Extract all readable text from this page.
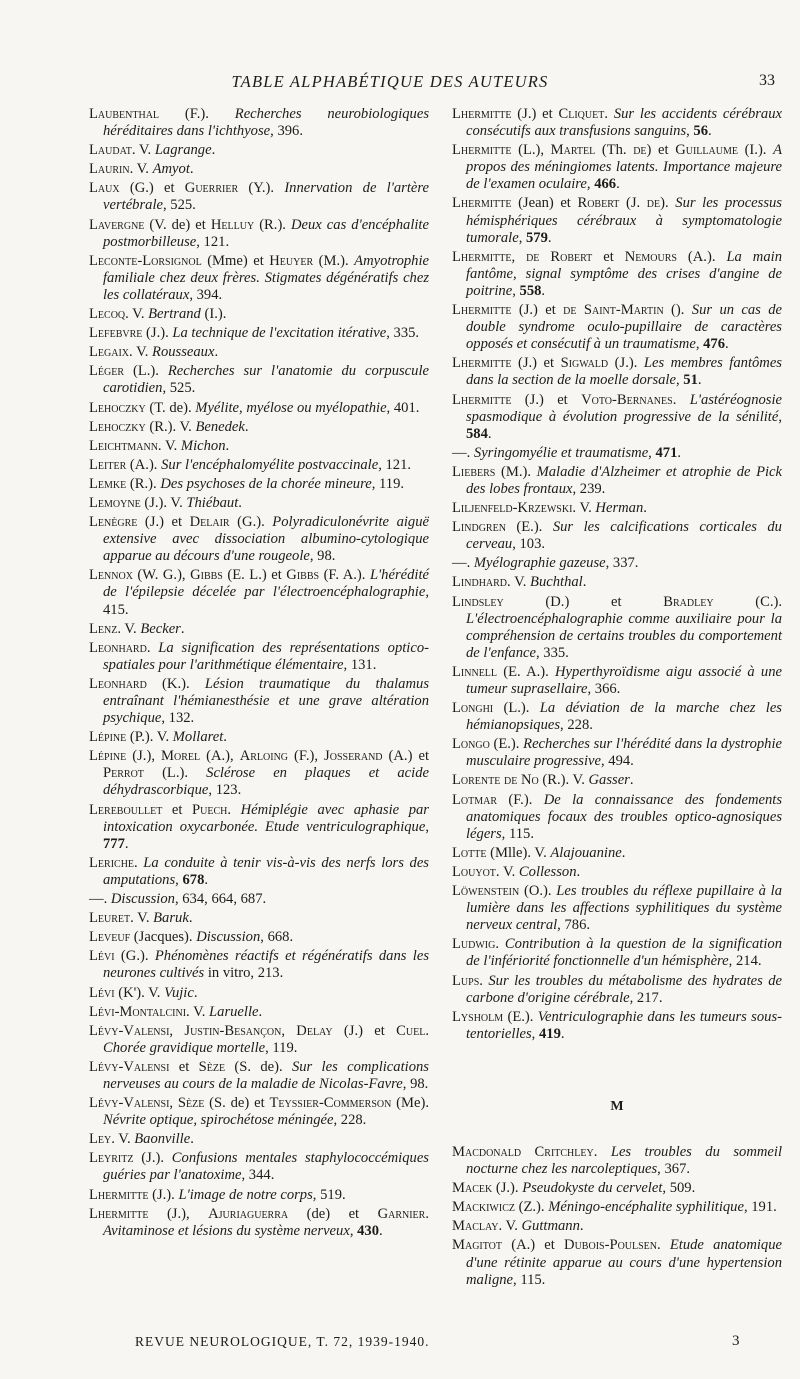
TABLE ALPHABÉTIQUE DES AUTEURS	33
Laubenthal (F.). Recherches neurobiologiques héréditaires dans l'ichthyose, 396.
Laudat. V. Lagrange.
Laurin. V. Amyot.
Laux (G.) et Guerrier (Y.). Innervation de l'artère vertébrale, 525.
Lavergne (V. de) et Helluy (R.). Deux cas d'encéphalite postmorbilleuse, 121.
Leconte-Lorsignol (Mme) et Heuyer (M.). Amyotrophie familiale chez deux frères. Stigmates dégénératifs chez les collatéraux, 394.
Lecoq. V. Bertrand (I.).
Lefebvre (J.). La technique de l'excitation itérative, 335.
Legaix. V. Rousseaux.
Léger (L.). Recherches sur l'anatomie du corpuscule carotidien, 525.
Lehoczky (T. de). Myélite, myélose ou myélopathie, 401.
Lehoczky (R.). V. Benedek.
Leichtmann. V. Michon.
Leiter (A.). Sur l'encéphalomyélite postvaccinale, 121.
Lemke (R.). Des psychoses de la chorée mineure, 119.
Lemoyne (J.). V. Thiébaut.
Lenègre (J.) et Delair (G.). Polyradiculonévrite aiguë extensive avec dissociation albumino-cytologique apparue au décours d'une rougeole, 98.
Lennox (W. G.), Gibbs (E. L.) et Gibbs (F. A.). L'hérédité de l'épilepsie décelée par l'électroencéphalographie, 415.
Lenz. V. Becker.
Leonhard. La signification des représentations optico-spatiales pour l'arithmétique élémentaire, 131.
Leonhard (K.). Lésion traumatique du thalamus entraînant l'hémianesthésie et une grave altération psychique, 132.
Lépine (P.). V. Mollaret.
Lépine (J.), Morel (A.), Arloing (F.), Josserand (A.) et Perrot (L.). Sclérose en plaques et acide déhydrascorbique, 123.
Lereboullet et Puech. Hémiplégie avec aphasie par intoxication oxycarbonée. Etude ventriculographique, 777.
Leriche. La conduite à tenir vis-à-vis des nerfs lors des amputations, 678.
—. Discussion, 634, 664, 687.
Leuret. V. Baruk.
Leveuf (Jacques). Discussion, 668.
Lévi (G.). Phénomènes réactifs et régénératifs dans les neurones cultivés in vitro, 213.
Lévi (K'). V. Vujic.
Lévi-Montalcini. V. Laruelle.
Lévy-Valensi, Justin-Besançon, Delay (J.) et Cuel. Chorée gravidique mortelle, 119.
Lévy-Valensi et Sèze (S. de). Sur les complications nerveuses au cours de la maladie de Nicolas-Favre, 98.
Lévy-Valensi, Sèze (S. de) et Teyssier-Commerson (Me). Névrite optique, spirochétose méningée, 228.
Ley. V. Baonville.
Leyritz (J.). Confusions mentales staphylococcémiques guéries par l'anatoxime, 344.
Lhermitte (J.). L'image de notre corps, 519.
Lhermitte (J.), Ajuriaguerra (de) et Garnier. Avitaminose et lésions du système nerveux, 430.
Lhermitte (J.) et Cliquet. Sur les accidents cérébraux consécutifs aux transfusions sanguins, 56.
Lhermitte (L.), Martel (Th. de) et Guillaume (I.). A propos des méningiomes latents. Importance majeure de l'examen oculaire, 466.
Lhermitte (Jean) et Robert (J. de). Sur les processus hémisphériques cérébraux à symptomatologie tumorale, 579.
Lhermitte, de Robert et Nemours (A.). La main fantôme, signal symptôme des crises d'angine de poitrine, 558.
Lhermitte (J.) et de Saint-Martin (). Sur un cas de double syndrome oculo-pupillaire de caractères opposés et consécutif à un traumatisme, 476.
Lhermitte (J.) et Sigwald (J.). Les membres fantômes dans la section de la moelle dorsale, 51.
Lhermitte (J.) et Voto-Bernanes. L'astéréognosie spasmodique à évolution progressive de la sénilité, 584.
—. Syringomyélie et traumatisme, 471.
Liebers (M.). Maladie d'Alzheimer et atrophie de Pick des lobes frontaux, 239.
Liljenfeld-Krzewski. V. Herman.
Lindgren (E.). Sur les calcifications corticales du cerveau, 103.
—. Myélographie gazeuse, 337.
Lindhard. V. Buchthal.
Lindsley (D.) et Bradley (C.). L'électroencéphalographie comme auxiliaire pour la compréhension de certains troubles du comportement de l'enfance, 335.
Linnell (E. A.). Hyperthyroïdisme aigu associé à une tumeur suprasellaire, 366.
Longhi (L.). La déviation de la marche chez les hémianopsiques, 228.
Longo (E.). Recherches sur l'hérédité dans la dystrophie musculaire progressive, 494.
Lorente de No (R.). V. Gasser.
Lotmar (F.). De la connaissance des fondements anatomiques focaux des troubles optico-agnosiques légers, 115.
Lotte (Mlle). V. Alajouanine.
Louyot. V. Collesson.
Löwenstein (O.). Les troubles du réflexe pupillaire à la lumière dans les affections syphilitiques du système nerveux central, 786.
Ludwig. Contribution à la question de la signification de l'infériorité fonctionnelle d'un hémisphère, 214.
Lups. Sur les troubles du métabolisme des hydrates de carbone d'origine cérébrale, 217.
Lysholm (E.). Ventriculographie dans les tumeurs sous-tentorielles, 419.
M
Macdonald Critchley. Les troubles du sommeil nocturne chez les narcoleptiques, 367.
Macek (J.). Pseudokyste du cervelet, 509.
Mackiwicz (Z.). Méningo-encéphalite syphilitique, 191.
Maclay. V. Guttmann.
Magitot (A.) et Dubois-Poulsen. Etude anatomique d'une rétinite apparue au cours d'une hypertension maligne, 115.
REVUE NEUROLOGIQUE, T. 72, 1939-1940.	3
